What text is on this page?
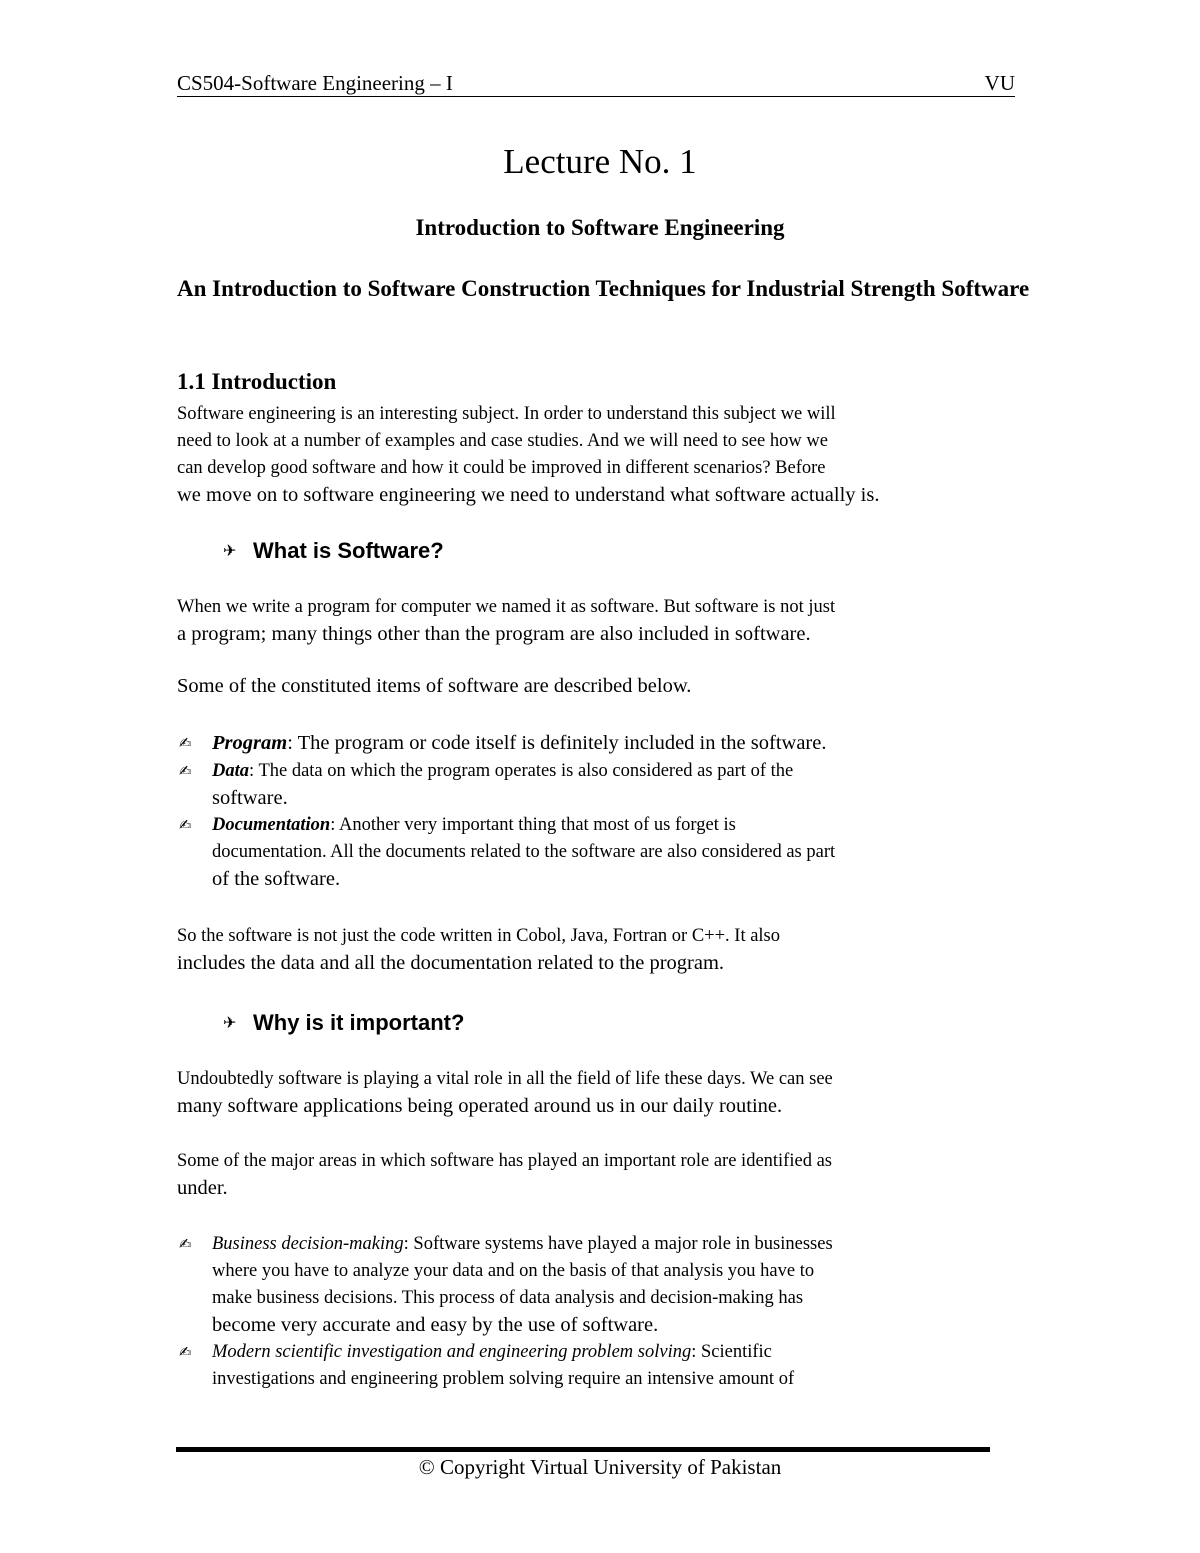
CS504-Software Engineering – I	VU
Lecture No. 1
Introduction to Software Engineering
An Introduction to Software Construction Techniques for Industrial Strength Software
1.1 Introduction
Software engineering is an interesting subject. In order to understand this subject we will
need to look at a number of examples and case studies. And we will need to see how we
can develop good software and how it could be improved in different scenarios? Before
we move on to software engineering we need to understand what software actually is.
✈ What is Software?
When we write a program for computer we named it as software. But software is not just
a program; many things other than the program are also included in software.
Some of the constituted items of software are described below.
✍ Program: The program or code itself is definitely included in the software.
✍ Data: The data on which the program operates is also considered as part of the
software.
✍ Documentation: Another very important thing that most of us forget is
documentation. All the documents related to the software are also considered as part
of the software.
So the software is not just the code written in Cobol, Java, Fortran or C++. It also
includes the data and all the documentation related to the program.
✈ Why is it important?
Undoubtedly software is playing a vital role in all the field of life these days. We can see
many software applications being operated around us in our daily routine.
Some of the major areas in which software has played an important role are identified as
under.
✍ Business decision-making: Software systems have played a major role in businesses
where you have to analyze your data and on the basis of that analysis you have to
make business decisions. This process of data analysis and decision-making has
become very accurate and easy by the use of software.
✍ Modern scientific investigation and engineering problem solving: Scientific
investigations and engineering problem solving require an intensive amount of
© Copyright Virtual University of Pakistan
